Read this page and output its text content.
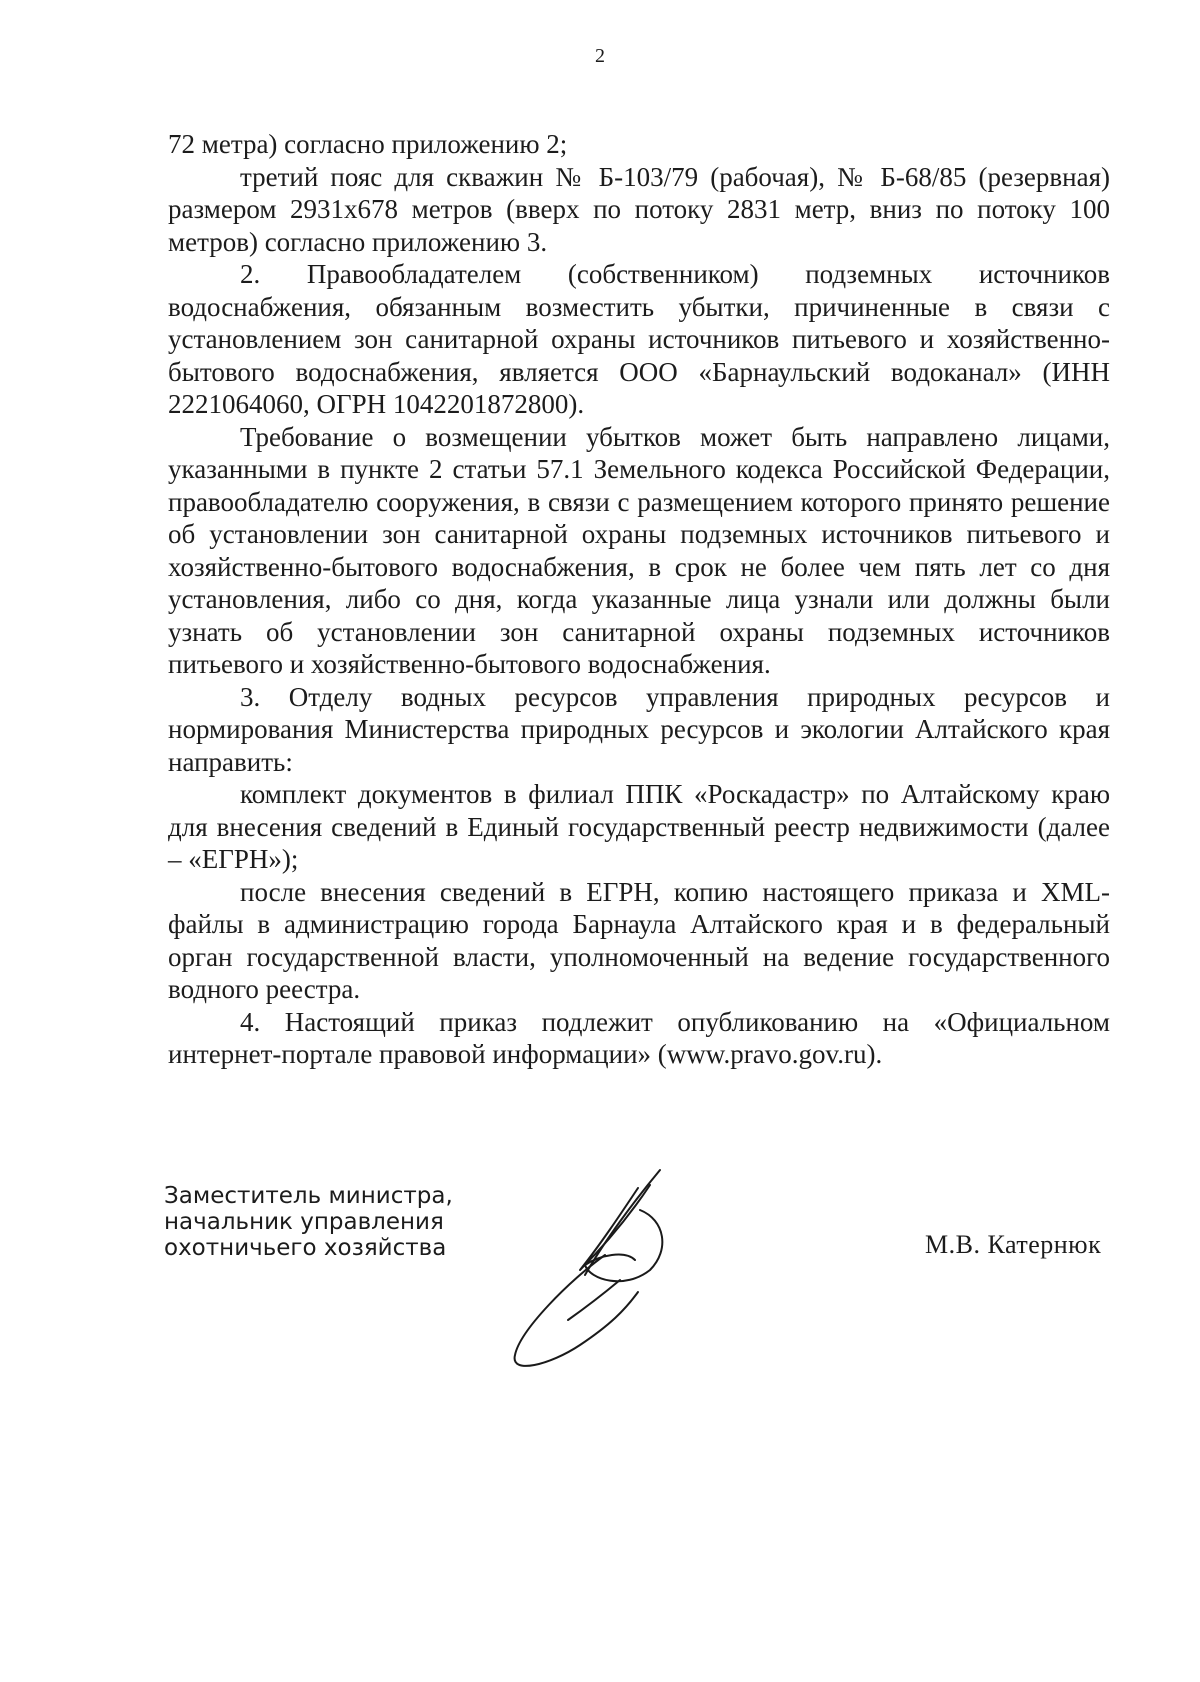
2

72 метра) согласно приложению 2;

третий пояс для скважин № Б-103/79 (рабочая), № Б-68/85 (резервная) размером 2931х678 метров (вверх по потоку 2831 метр, вниз по потоку 100 метров) согласно приложению 3.

2. Правообладателем (собственником) подземных источников водоснабжения, обязанным возместить убытки, причиненные в связи с установлением зон санитарной охраны источников питьевого и хозяйственно-бытового водоснабжения, является ООО «Барнаульский водоканал» (ИНН 2221064060, ОГРН 1042201872800).

Требование о возмещении убытков может быть направлено лицами, указанными в пункте 2 статьи 57.1 Земельного кодекса Российской Федерации, правообладателю сооружения, в связи с размещением которого принято решение об установлении зон санитарной охраны подземных источников питьевого и хозяйственно-бытового водоснабжения, в срок не более чем пять лет со дня установления, либо со дня, когда указанные лица узнали или должны были узнать об установлении зон санитарной охраны подземных источников питьевого и хозяйственно-бытового водоснабжения.

3. Отделу водных ресурсов управления природных ресурсов и нормирования Министерства природных ресурсов и экологии Алтайского края направить:

комплект документов в филиал ППК «Роскадастр» по Алтайскому краю для внесения сведений в Единый государственный реестр недвижимости (далее – «ЕГРН»);

после внесения сведений в ЕГРН, копию настоящего приказа и XML-файлы в администрацию города Барнаула Алтайского края и в федеральный орган государственной власти, уполномоченный на ведение государственного водного реестра.

4. Настоящий приказ подлежит опубликованию на «Официальном интернет-портале правовой информации» (www.pravo.gov.ru).

Заместитель министра,
начальник управления
охотничьего хозяйства	М.В. Катернюк
